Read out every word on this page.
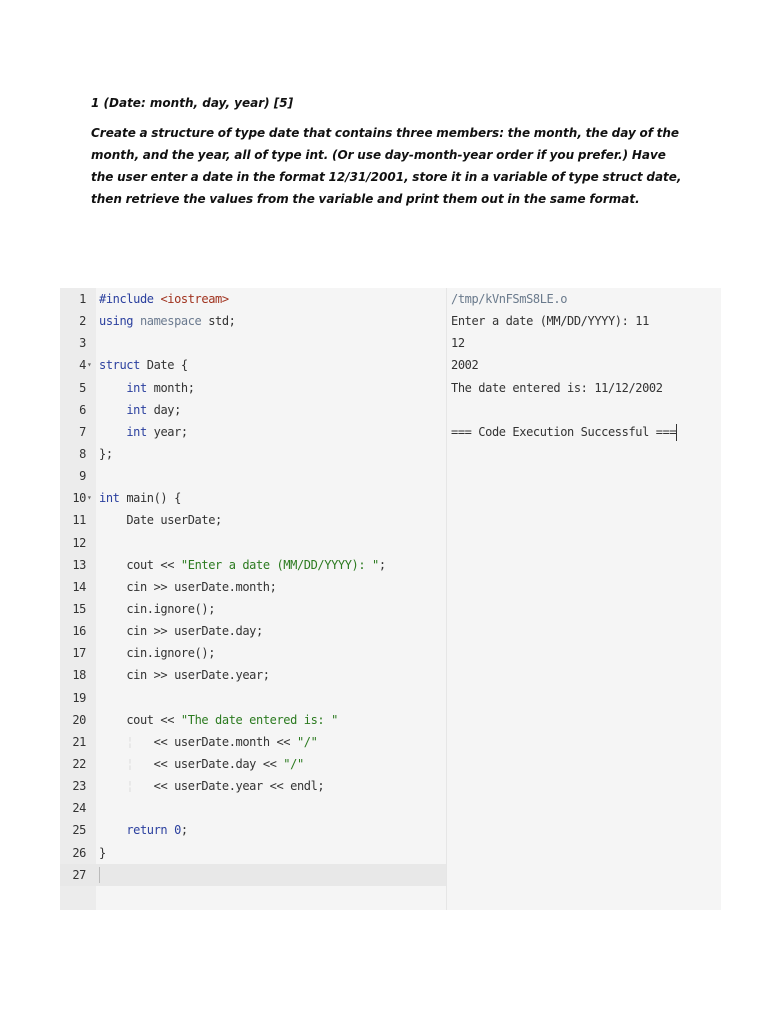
1 (Date: month, day, year) [5]

Create a structure of type date that contains three members: the month, the day of the month, and the year, all of type int. (Or use day-month-year order if you prefer.) Have the user enter a date in the format 12/31/2001, store it in a variable of type struct date, then retrieve the values from the variable and print them out in the same format.

1 #include <iostream>
2 using namespace std;
3
4 ▾ struct Date {
5	int month;
6	int day;
7	int year;
8 };
9
10 ▾ int main() {
11	Date userDate;
12
13	cout << "Enter a date (MM/DD/YYYY): ";
14	cin >> userDate.month;
15	cin.ignore();
16	cin >> userDate.day;
17	cin.ignore();
18	cin >> userDate.year;
19
20	cout << "The date entered is: "
21	¦ << userDate.month << "/"
22	¦ << userDate.day << "/"
23	¦ << userDate.year << endl;
24
25	return 0;
26 }
27
/tmp/kVnFSmS8LE.o
Enter a date (MM/DD/YYYY): 11
12
2002
The date entered is: 11/12/2002
=== Code Execution Successful ===
